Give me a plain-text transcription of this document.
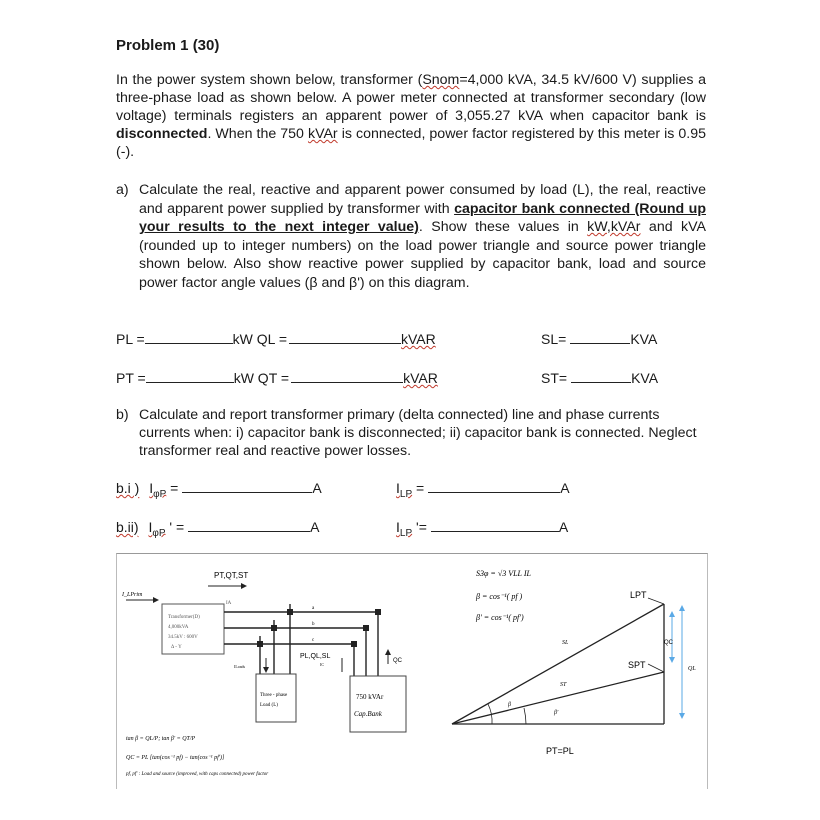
Problem 1 (30)

In the power system shown below, transformer (Snom=4,000 kVA, 34.5 kV/600 V) supplies a three-phase load as shown below. A power meter connected at transformer secondary (low voltage) terminals registers an apparent power of 3,055.27 kVA when capacitor bank is disconnected. When the 750 kVAr is connected, power factor registered by this meter is 0.95 (-).

a) Calculate the real, reactive and apparent power consumed by load (L), the real, reactive and apparent power supplied by transformer with capacitor bank connected (Round up your results to the next integer value). Show these values in kW,kVAr and kVA (rounded up to integer numbers) on the load power triangle and source power triangle shown below. Also show reactive power supplied by capacitor bank, load and source power factor angle values (β and β') on this diagram.
PL =	kW QL =	kVAR	SL=	KVA
PT =	kW QT =	kVAR	ST=	KVA
b) Calculate and report transformer primary (delta connected) line and phase currents currents when: i) capacitor bank is disconnected; ii) capacitor bank is connected. Neglect transformer real and reactive power losses.
b.i ) $I_{\varphi P}$ =	A	$I_{LP}$ =	A
b.ii) $I_{\varphi P}$ ' =	A	$I_{LP}$ '=	A
PT,QT,ST
I_LPrim
Transformer(D)
4,000kVA
34.5kV : 600V
Δ - Y
IA
a
b
c
PL,QL,SL
ILoads
Three - phase
Load (L)
IC
QC
750 kVAr
Cap.Bank
tan β = QL/P; tan β' = QT/P
QC = PL [tan(cos⁻¹ pf) − tan(cos⁻¹ pf')]
pf, pf' : Load and source (improved, with caps connected) power factor
S3φ = √3 VLL IL
β = cos⁻¹( pf )
β' = cos⁻¹( pf')
β
β'
LPT
SPT
SL
ST
PT=PL
QC
QL
